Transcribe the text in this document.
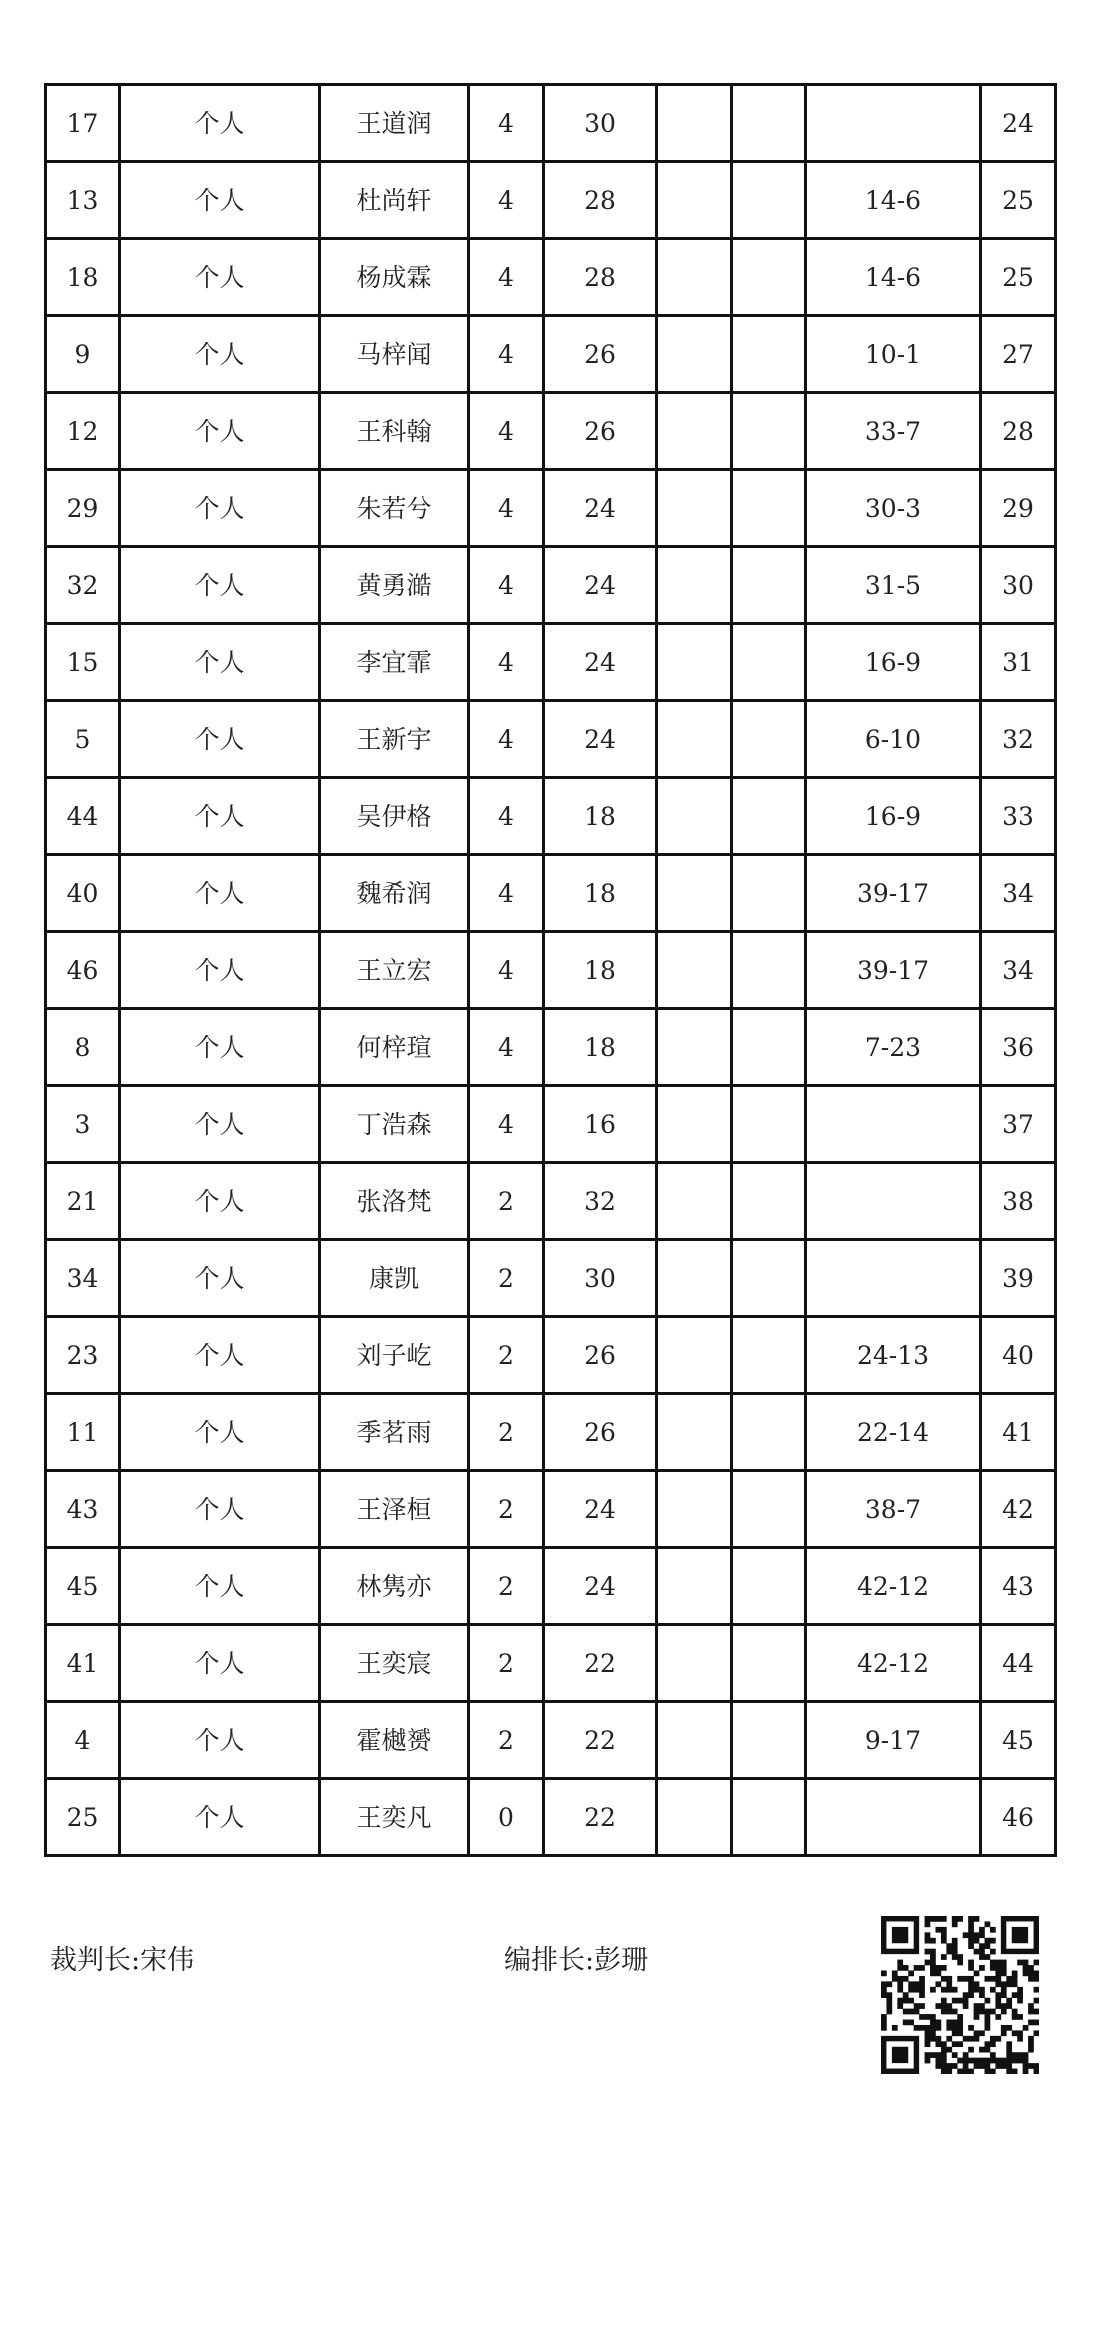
17	个人	王道润	4	30				24
13	个人	杜尚轩	4	28			14-6	25
18	个人	杨成霖	4	28			14-6	25
9	个人	马梓闻	4	26			10-1	27
12	个人	王科翰	4	26			33-7	28
29	个人	朱若兮	4	24			30-3	29
32	个人	黄勇澔	4	24			31-5	30
15	个人	李宜霏	4	24			16-9	31
5	个人	王新宇	4	24			6-10	32
44	个人	吴伊格	4	18			16-9	33
40	个人	魏希润	4	18			39-17	34
46	个人	王立宏	4	18			39-17	34
8	个人	何梓瑄	4	18			7-23	36
3	个人	丁浩森	4	16				37
21	个人	张洛梵	2	32				38
34	个人	康凯	2	30				39
23	个人	刘子屹	2	26			24-13	40
11	个人	季茗雨	2	26			22-14	41
43	个人	王泽桓	2	24			38-7	42
45	个人	林隽亦	2	24			42-12	43
41	个人	王奕宸	2	22			42-12	44
4	个人	霍樾赟	2	22			9-17	45
25	个人	王奕凡	0	22				46
裁判长:宋伟	编排长:彭珊
